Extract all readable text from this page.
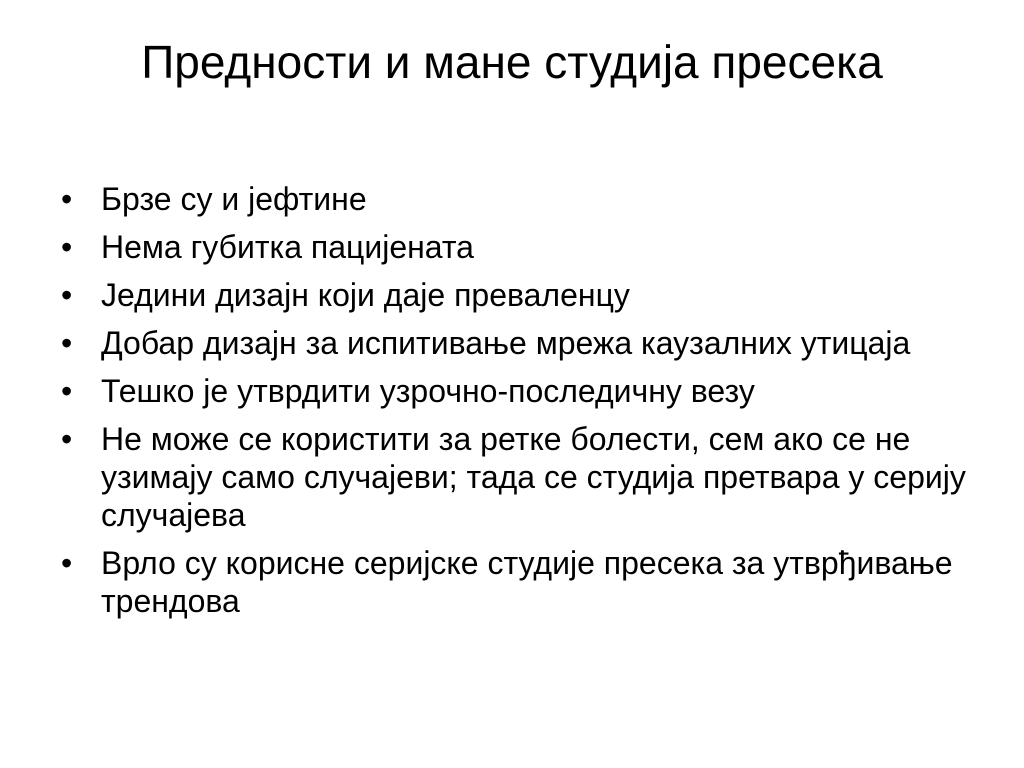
Предности и мане студија пресека
• Брзе су и јефтине
• Нема губитка пацијената
• Једини дизајн који даје преваленцу
• Добар дизајн за испитивање мрежа каузалних утицаја
• Тешко је утврдити узрочно-последичну везу
• Не може се користити за ретке болести, сем ако се не узимају само случајеви; тада се студија претвара у серију случајева
• Врло су корисне серијске студије пресека за утврђивање трендова
